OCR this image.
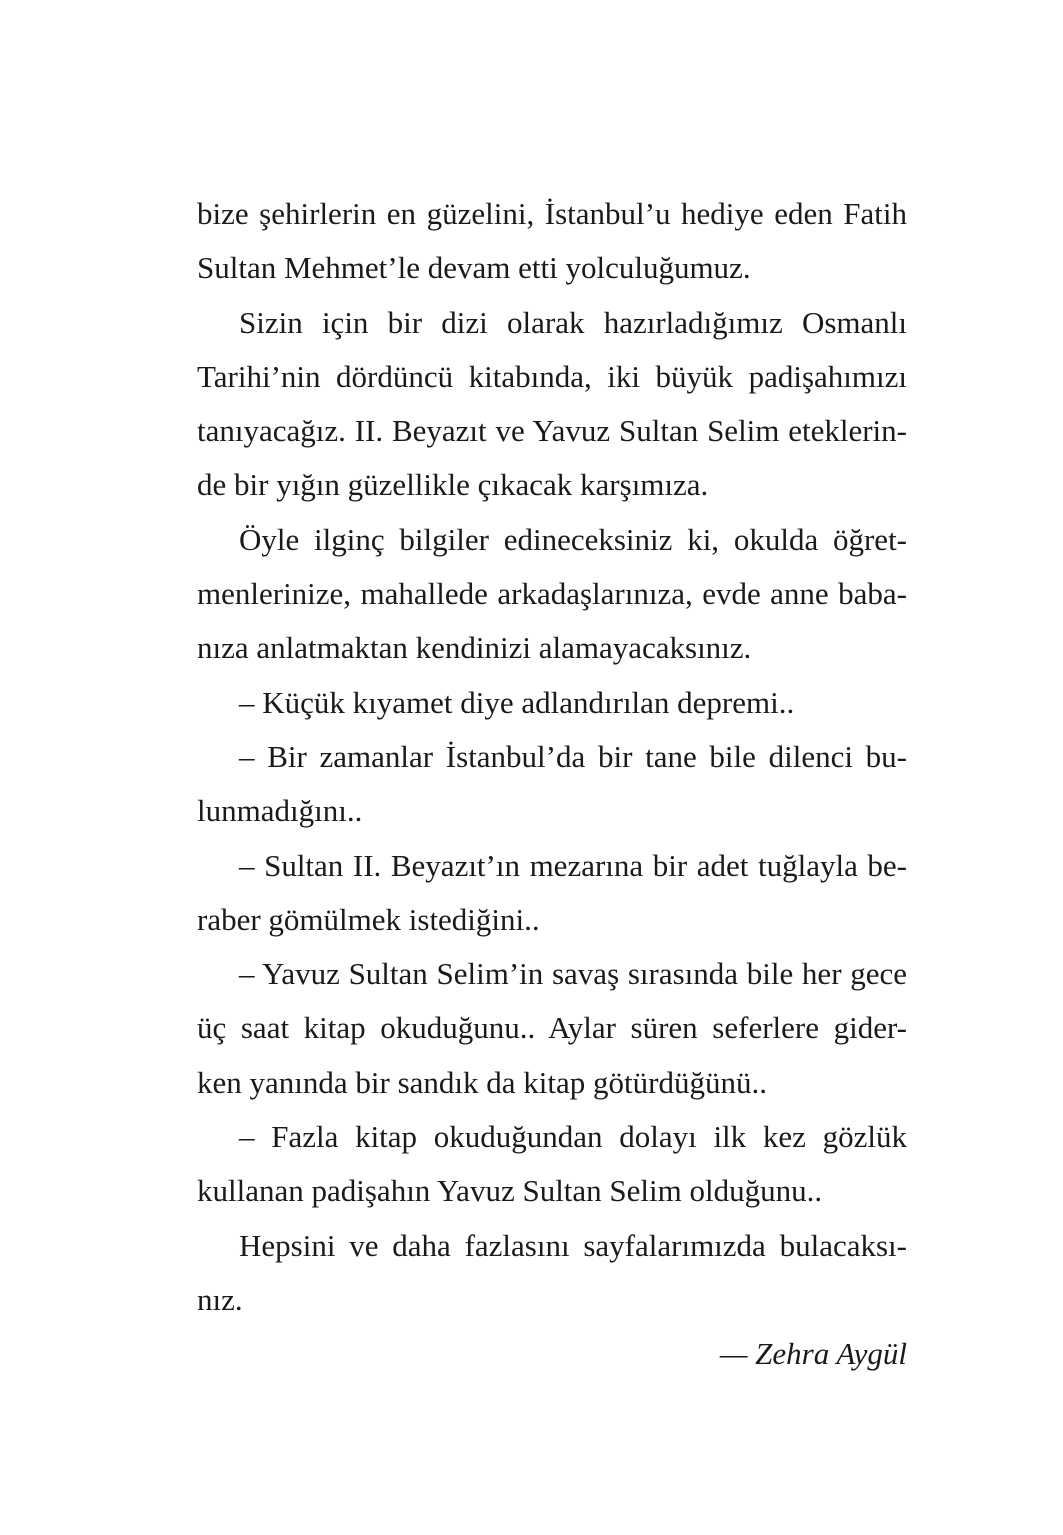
bize şehirlerin en güzelini, İstanbul’u hediye eden Fatih
Sultan Mehmet’le devam etti yolculuğumuz.
Sizin için bir dizi olarak hazırladığımız Osmanlı
Tarihi’nin dördüncü kitabında, iki büyük padişahımızı
tanıyacağız. II. Beyazıt ve Yavuz Sultan Selim eteklerin-
de bir yığın güzellikle çıkacak karşımıza.
Öyle ilginç bilgiler edineceksiniz ki, okulda öğret-
menlerinize, mahallede arkadaşlarınıza, evde anne baba-
nıza anlatmaktan kendinizi alamayacaksınız.
– Küçük kıyamet diye adlandırılan depremi..
– Bir zamanlar İstanbul’da bir tane bile dilenci bu-
lunmadığını..
– Sultan II. Beyazıt’ın mezarına bir adet tuğlayla be-
raber gömülmek istediğini..
– Yavuz Sultan Selim’in savaş sırasında bile her gece
üç saat kitap okuduğunu.. Aylar süren seferlere gider-
ken yanında bir sandık da kitap götürdüğünü..
– Fazla kitap okuduğundan dolayı ilk kez gözlük
kullanan padişahın Yavuz Sultan Selim olduğunu..
Hepsini ve daha fazlasını sayfalarımızda bulacaksı-
nız.
— Zehra Aygül
